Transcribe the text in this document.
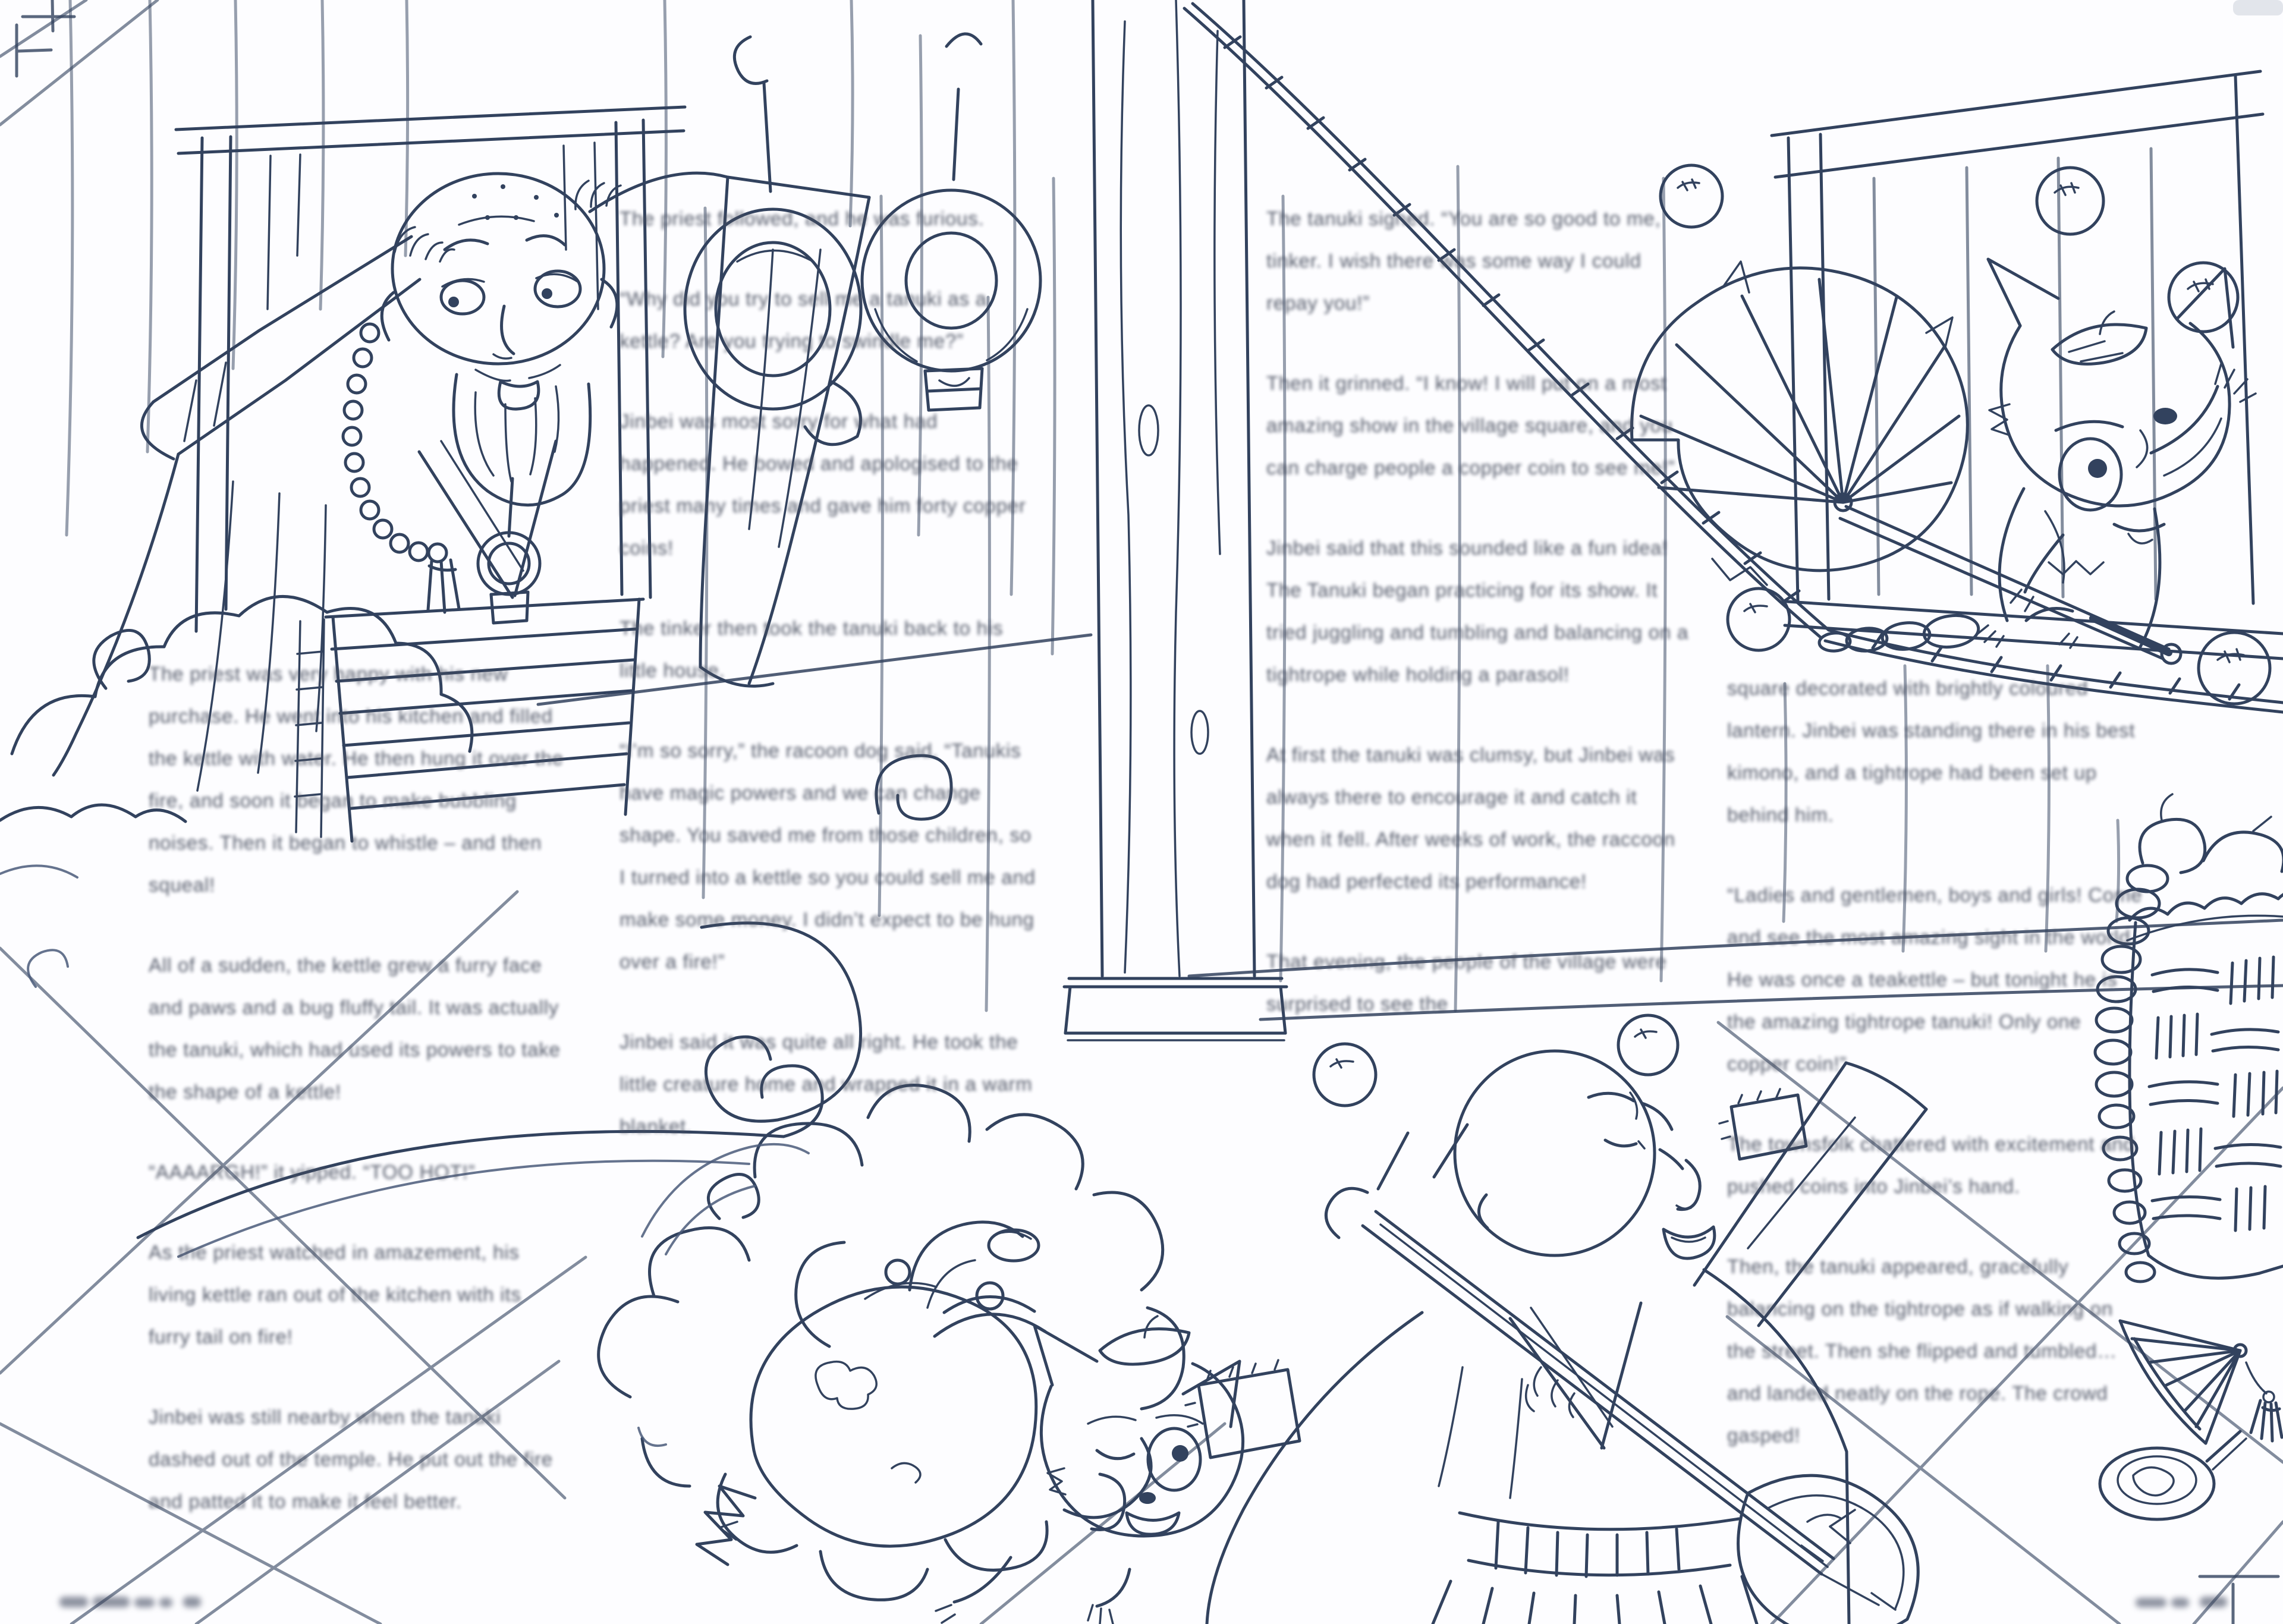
The priest was very happy with his new purchase. He went into his kitchen and filled the kettle with water. He then hung it over the fire, and soon it began to make bubbling noises. Then it began to whistle – and then squeal!

All of a sudden, the kettle grew a furry face and paws and a bug fluffy tail. It was actually the tanuki, which had used its powers to take the shape of a kettle!

“AAAARGH!” it yipped. “TOO HOT!”

As the priest watched in amazement, his living kettle ran out of the kitchen with its furry tail on fire!

Jinbei was still nearby when the tanuki dashed out of the temple. He put out the fire and patted it to make it feel better.

The priest followed, and he was furious.

“Why did you try to sell me a tanuki as a kettle? Are you trying to swindle me?”

Jinbei was most sorry for what had happened. He bowed and apologised to the priest many times and gave him forty copper coins!

The tinker then took the tanuki back to his little house.

“I’m so sorry,” the racoon dog said. “Tanukis have magic powers and we can change shape. You saved me from those children, so I turned into a kettle so you could sell me and make some money. I didn’t expect to be hung over a fire!”

Jinbei said it was quite all right. He took the little creature home and wrapped it in a warm blanket.

The tanuki sighed. “You are so good to me, tinker. I wish there was some way I could repay you!”

Then it grinned. “I know! I will put on a most amazing show in the village square, and you can charge people a copper coin to see me!”

Jinbei said that this sounded like a fun idea! The Tanuki began practicing for its show. It tried juggling and tumbling and balancing on a tightrope while holding a parasol!

At first the tanuki was clumsy, but Jinbei was always there to encourage it and catch it when it fell. After weeks of work, the raccoon dog had perfected its performance!

That evening, the people of the village were surprised to see the

square decorated with brightly coloured lantern. Jinbei was standing there in his best kimono, and a tightrope had been set up behind him.

“Ladies and gentlemen, boys and girls! Come and see the most amazing sight in the world. He was once a teakettle – but tonight he is the amazing tightrope tanuki! Only one copper coin!”

The townsfolk chattered with excitement and pushed coins into Jinbei’s hand.

Then, the tanuki appeared, gracefully balancing on the tightrope as if walking on the street. Then she flipped and tumbled… and landed neatly on the rope. The crowd gasped!
